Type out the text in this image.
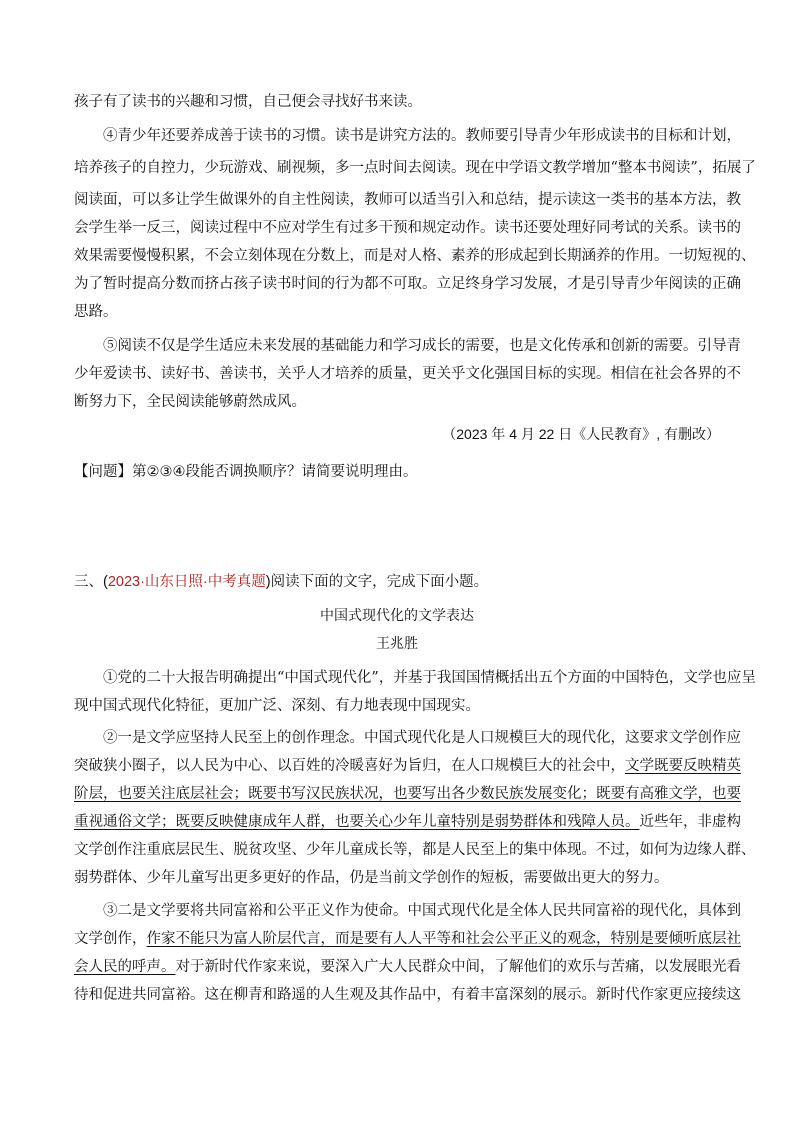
孩子有了读书的兴趣和习惯，自己便会寻找好书来读。
④青少年还要养成善于读书的习惯。读书是讲究方法的。教师要引导青少年形成读书的目标和计划，
培养孩子的自控力，少玩游戏、刷视频，多一点时间去阅读。现在中学语文教学增加“整本书阅读”，拓展了
阅读面，可以多让学生做课外的自主性阅读，教师可以适当引入和总结，提示读这一类书的基本方法，教
会学生举一反三，阅读过程中不应对学生有过多干预和规定动作。读书还要处理好同考试的关系。读书的
效果需要慢慢积累，不会立刻体现在分数上，而是对人格、素养的形成起到长期涵养的作用。一切短视的、
为了暂时提高分数而挤占孩子读书时间的行为都不可取。立足终身学习发展，才是引导青少年阅读的正确
思路。
⑤阅读不仅是学生适应未来发展的基础能力和学习成长的需要，也是文化传承和创新的需要。引导青
少年爱读书、读好书、善读书，关乎人才培养的质量，更关乎文化强国目标的实现。相信在社会各界的不
断努力下，全民阅读能够蔚然成风。
（2023 年 4 月 22 日《人民教育》, 有删改）
【问题】第②③④段能否调换顺序？请简要说明理由。
三、(2023·山东日照·中考真题)阅读下面的文字，完成下面小题。
中国式现代化的文学表达
王兆胜
①党的二十大报告明确提出“中国式现代化”，并基于我国国情概括出五个方面的中国特色，文学也应呈
现中国式现代化特征，更加广泛、深刻、有力地表现中国现实。
②一是文学应坚持人民至上的创作理念。中国式现代化是人口规模巨大的现代化，这要求文学创作应
突破狭小圈子，以人民为中心、以百姓的冷暖喜好为旨归，在人口规模巨大的社会中，文学既要反映精英
阶层，也要关注底层社会；既要书写汉民族状况，也要写出各少数民族发展变化；既要有高雅文学，也要
重视通俗文学；既要反映健康成年人群，也要关心少年儿童特别是弱势群体和残障人员。近些年，非虚构
文学创作注重底层民生、脱贫攻坚、少年儿童成长等，都是人民至上的集中体现。不过，如何为边缘人群、
弱势群体、少年儿童写出更多更好的作品，仍是当前文学创作的短板，需要做出更大的努力。
③二是文学要将共同富裕和公平正义作为使命。中国式现代化是全体人民共同富裕的现代化，具体到
文学创作，作家不能只为富人阶层代言，而是要有人人平等和社会公平正义的观念，特别是要倾听底层社
会人民的呼声。对于新时代作家来说，要深入广大人民群众中间，了解他们的欢乐与苦痛，以发展眼光看
待和促进共同富裕。这在柳青和路遥的人生观及其作品中，有着丰富深刻的展示。新时代作家更应接续这
